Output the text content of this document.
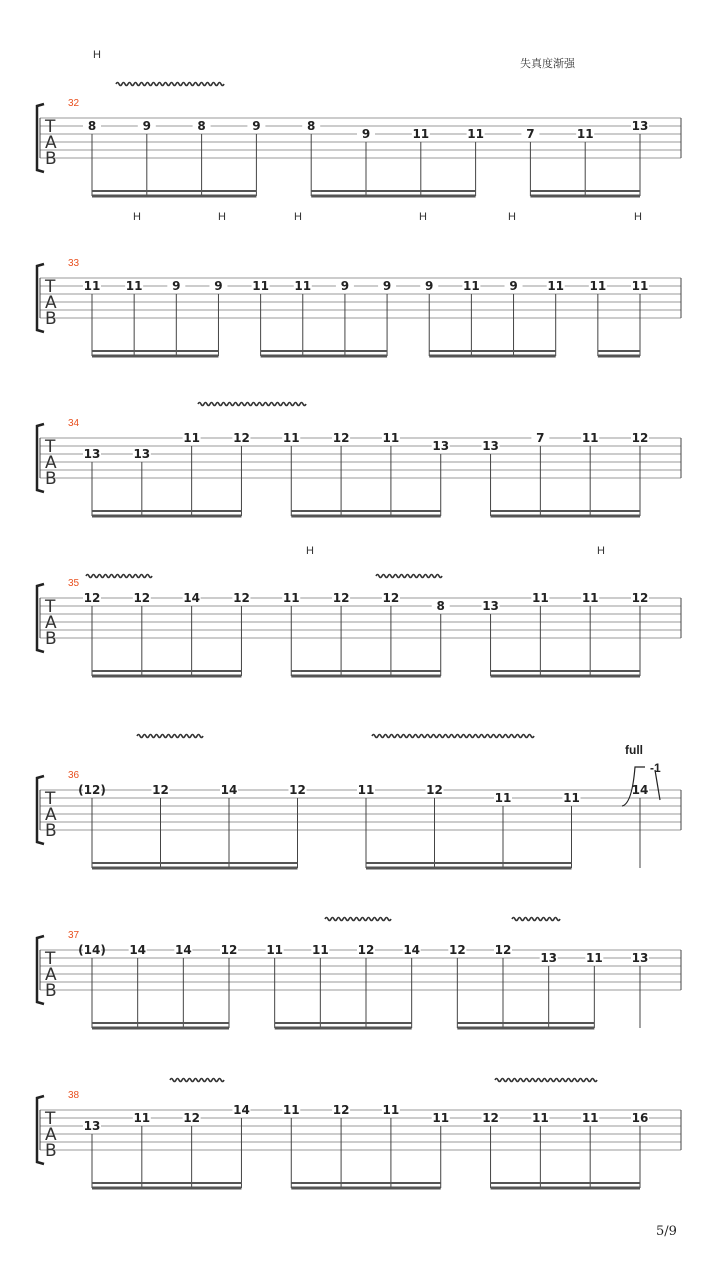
T
A
B
32
8	9	8	9	8
9	11	11	7	11
13
H
T
A
B
33
11 11 9	9 11 11 9	9	9 11 9 11 11 11
H	H	H	H	H	H
T
A
B
34
13	13
11	12	11	12	11
13	13
7	11	12
T
A
B
35
12	12	14	12	11	12	12
8	13
11	11	12
H	H
T
A
B
36
(12)	12	14	12	11	12
11	11
14
T
A
B
37
(14) 14 14 12 11 11 12 14 12 12
13 11 13
T
A
B
38
13
11	12
14	11	12	11
11	12	11	11	16
失真度渐强
full
-1
5/9
